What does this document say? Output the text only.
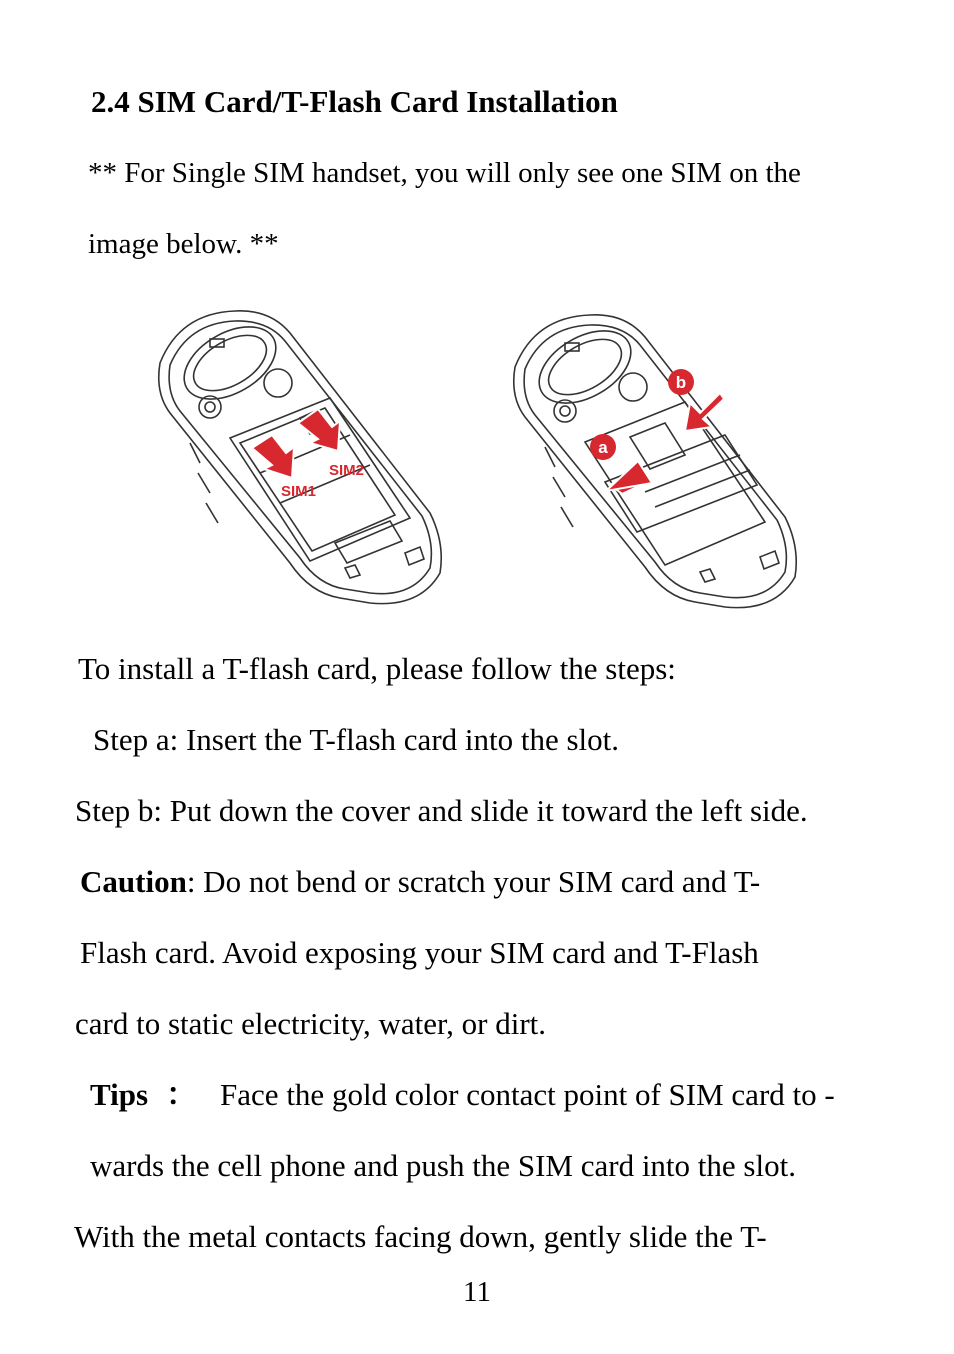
2.4 SIM Card/T-Flash Card Installation
** For Single SIM handset, you will only see one SIM on the
image below. **
SIM1
SIM2
a
b
To install a T-flash card, please follow the steps:
Step a: Insert the T-flash card into the slot.
Step b: Put down the cover and slide it toward the left side.
Caution: Do not bend or scratch your SIM card and T-
Flash card. Avoid exposing your SIM card and T-Flash
card to static electricity, water, or dirt.
Tips ： Face the gold color contact point of SIM card to -
wards the cell phone and push the SIM card into the slot.
With the metal contacts facing down, gently slide the T-
11
